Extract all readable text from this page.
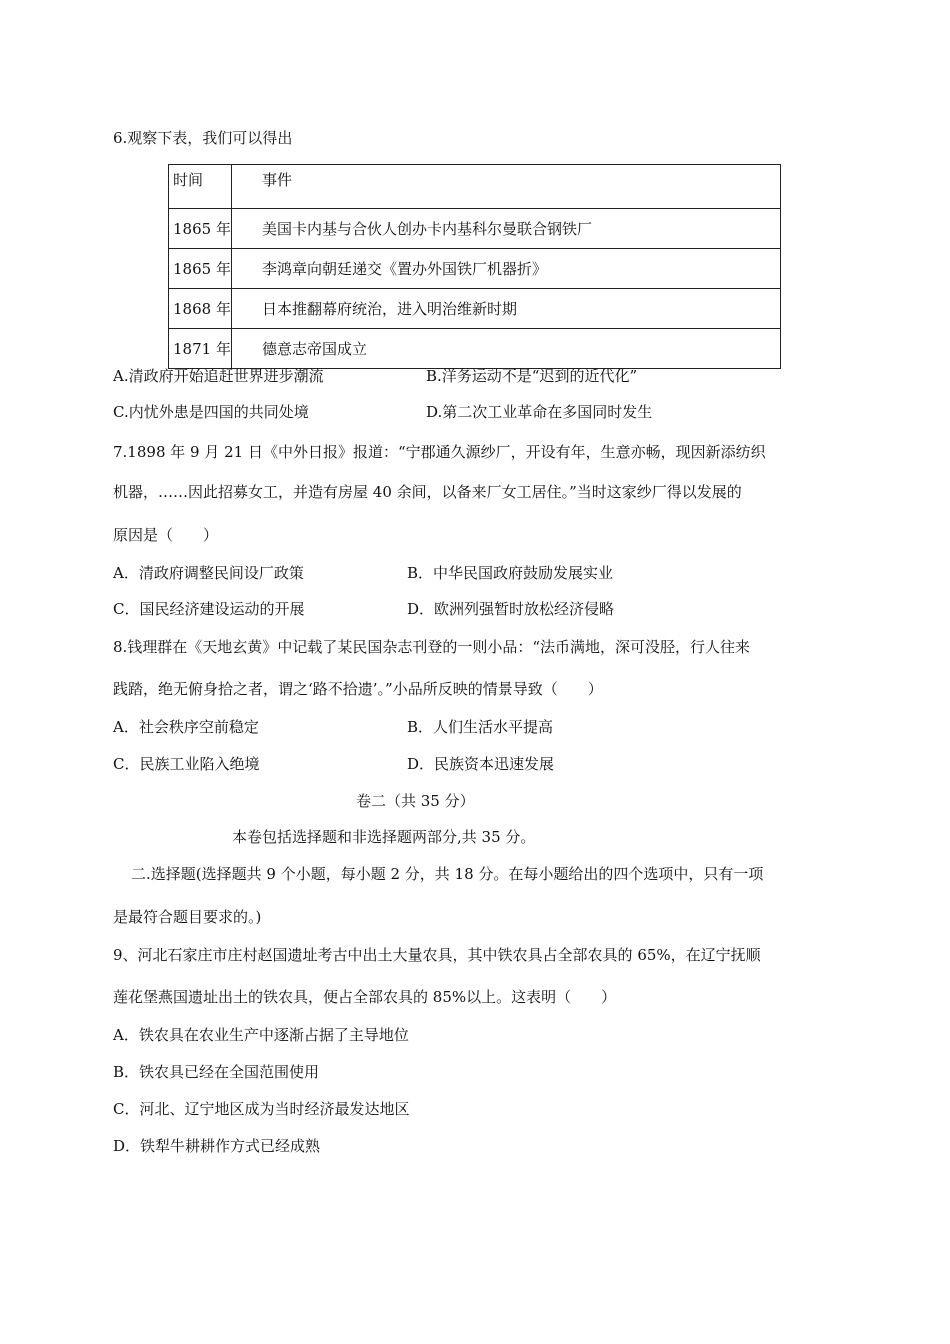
6.观察下表，我们可以得出
时间	事件
1865 年	美国卡内基与合伙人创办卡内基科尔曼联合钢铁厂
1865 年	李鸿章向朝廷递交《置办外国铁厂机器折》
1868 年	日本推翻幕府统治，进入明治维新时期
1871 年	德意志帝国成立
A.清政府开始追赶世界进步潮流	B.洋务运动不是“迟到的近代化”
C.内忧外患是四国的共同处境	D.第二次工业革命在多国同时发生
7.1898 年 9 月 21 日《中外日报》报道：“宁郡通久源纱厂，开设有年，生意亦畅，现因新添纺织
机器，……因此招募女工，并造有房屋 40 余间，以备来厂女工居住。”当时这家纱厂得以发展的
原因是（　　）
A．清政府调整民间设厂政策	B．中华民国政府鼓励发展实业
C．国民经济建设运动的开展	D．欧洲列强暂时放松经济侵略
8.钱理群在《天地玄黄》中记载了某民国杂志刊登的一则小品：“法币满地，深可没胫，行人往来
践踏，绝无俯身拾之者，谓之‘路不拾遗’。”小品所反映的情景导致（　　）
A．社会秩序空前稳定	B．人们生活水平提高
C．民族工业陷入绝境	D．民族资本迅速发展
卷二（共 35 分）
本卷包括选择题和非选择题两部分,共 35 分。
二.选择题(选择题共 9 个小题，每小题 2 分，共 18 分。在每小题给出的四个选项中，只有一项
是最符合题目要求的。)
9、河北石家庄市庄村赵国遗址考古中出土大量农具，其中铁农具占全部农具的 65%，在辽宁抚顺
莲花堡燕国遗址出土的铁农具，便占全部农具的 85%以上。这表明（　　）
A．铁农具在农业生产中逐渐占据了主导地位
B．铁农具已经在全国范围使用
C．河北、辽宁地区成为当时经济最发达地区
D．铁犁牛耕耕作方式已经成熟
